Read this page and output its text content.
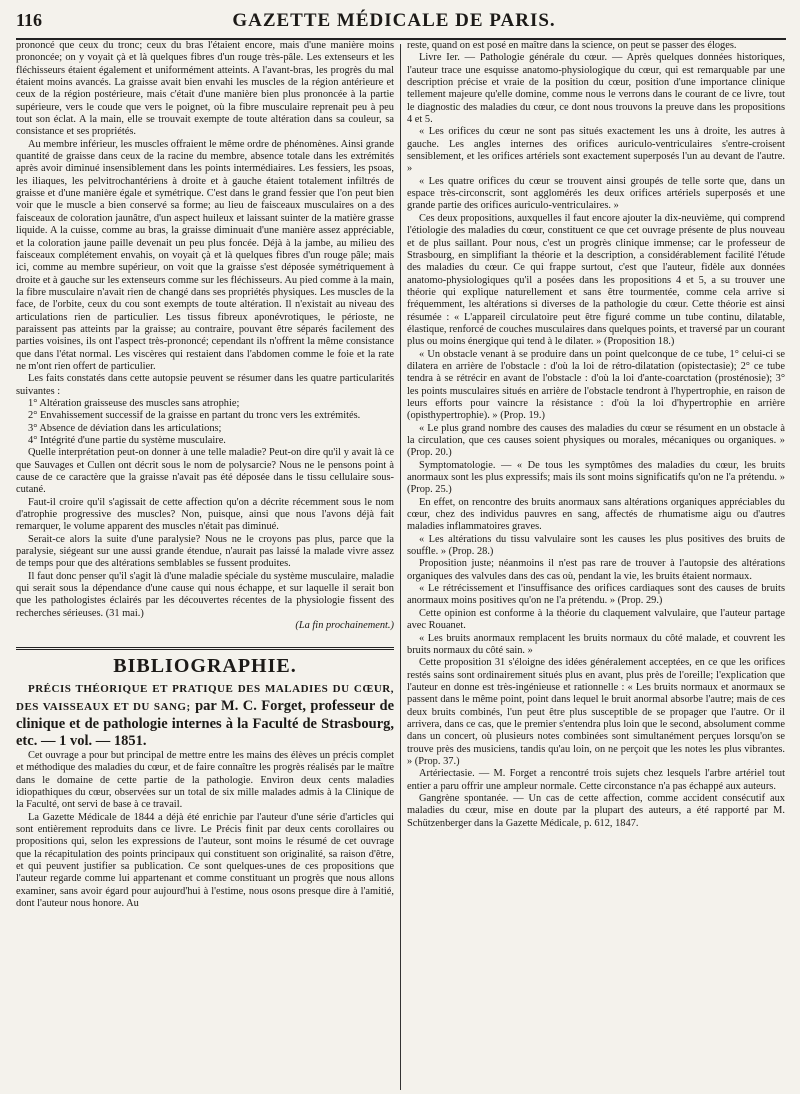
116	GAZETTE MÉDICALE DE PARIS.

prononcé que ceux du tronc; ceux du bras l'étaient encore, mais d'une manière moins prononcée; on y voyait çà et là quelques fibres d'un rouge très-pâle. Les extenseurs et les fléchisseurs étaient également et uniformément atteints. A l'avant-bras, les progrès du mal étaient moins avancés. La graisse avait bien envahi les muscles de la région antérieure et ceux de la région postérieure, mais c'était d'une manière bien plus prononcée à la partie supérieure, vers le coude que vers le poignet, où la fibre musculaire reprenait peu à peu tout son éclat. A la main, elle se trouvait exempte de toute altération dans sa couleur, sa consistance et ses propriétés.

Au membre inférieur, les muscles offraient le même ordre de phénomènes. Ainsi grande quantité de graisse dans ceux de la racine du membre, absence totale dans les extrémités après avoir diminué insensiblement dans les points intermédiaires. Les fessiers, les psoas, les iliaques, les pelvitrochantériens à droite et à gauche étaient totalement infiltrés de graisse et d'une manière égale et symétrique. C'est dans le grand fessier que l'on peut bien voir que le muscle a bien conservé sa forme; au lieu de faisceaux musculaires on a des faisceaux de coloration jaunâtre, d'un aspect huileux et laissant suinter de la matière grasse liquide. A la cuisse, comme au bras, la graisse diminuait d'une manière assez appréciable, et la coloration jaune paille devenait un peu plus foncée. Déjà à la jambe, au milieu des faisceaux complétement envahis, on voyait çà et là quelques fibres d'un rouge pâle; mais ici, comme au membre supérieur, on voit que la graisse s'est déposée symétriquement à droite et à gauche sur les extenseurs comme sur les fléchisseurs. Au pied comme à la main, la fibre musculaire n'avait rien de changé dans ses propriétés physiques. Les muscles de la face, de l'orbite, ceux du cou sont exempts de toute altération. Il n'existait au niveau des articulations rien de particulier. Les tissus fibreux aponévrotiques, le périoste, ne paraissent pas atteints par la graisse; au contraire, pouvant être séparés facilement des parties voisines, ils ont l'aspect très-prononcé; cependant ils n'offrent la même consistance que dans l'état normal. Les viscères qui restaient dans l'abdomen comme le foie et la rate ne m'ont rien offert de particulier.

Les faits constatés dans cette autopsie peuvent se résumer dans les quatre particularités suivantes :

1° Altération graisseuse des muscles sans atrophie;

2° Envahissement successif de la graisse en partant du tronc vers les extrémités.

3° Absence de déviation dans les articulations;

4° Intégrité d'une partie du système musculaire.

Quelle interprétation peut-on donner à une telle maladie? Peut-on dire qu'il y avait là ce que Sauvages et Cullen ont décrit sous le nom de polysarcie? Nous ne le pensons point à cause de ce caractère que la graisse n'avait pas été déposée dans le tissu cellulaire sous-cutané.

Faut-il croire qu'il s'agissait de cette affection qu'on a décrite récemment sous le nom d'atrophie progressive des muscles? Non, puisque, ainsi que nous l'avons déjà fait remarquer, le volume apparent des muscles n'était pas diminué.

Serait-ce alors la suite d'une paralysie? Nous ne le croyons pas plus, parce que la paralysie, siégeant sur une aussi grande étendue, n'aurait pas laissé la malade vivre assez de temps pour que des altérations semblables se fussent produites.

Il faut donc penser qu'il s'agit là d'une maladie spéciale du système musculaire, maladie qui serait sous la dépendance d'une cause qui nous échappe, et sur laquelle il serait bon que les pathologistes éclairés par les découvertes récentes de la physiologie fissent des recherches sérieuses. (31 mai.)

(La fin prochainement.)

BIBLIOGRAPHIE.

PRÉCIS THÉORIQUE ET PRATIQUE DES MALADIES DU CŒUR, DES VAISSEAUX ET DU SANG; par M. C. Forget, professeur de clinique et de pathologie internes à la Faculté de Strasbourg, etc. — 1 vol. — 1851.

Cet ouvrage a pour but principal de mettre entre les mains des élèves un précis complet et méthodique des maladies du cœur, et de faire connaître les progrès réalisés par le maître dans le domaine de cette partie de la pathologie. Environ deux cents maladies idiopathiques du cœur, observées sur un total de six mille malades admis à la Clinique de la Faculté, ont servi de base à ce travail.

La Gazette Médicale de 1844 a déjà été enrichie par l'auteur d'une série d'articles qui sont entièrement reproduits dans ce livre. Le Précis finit par deux cents corollaires ou propositions qui, selon les expressions de l'auteur, sont moins le résumé de cet ouvrage que la récapitulation des points principaux qui constituent son originalité, sa raison d'être, et qui peuvent justifier sa publication. Ce sont quelques-unes de ces propositions que l'auteur regarde comme lui appartenant et comme constituant un progrès que nous allons examiner, sans avoir égard pour aujourd'hui à l'estime, nous osons presque dire à l'amitié, dont l'auteur nous honore. Au

reste, quand on est posé en maître dans la science, on peut se passer des éloges.

Livre Ier. — Pathologie générale du cœur. — Après quelques données historiques, l'auteur trace une esquisse anatomo-physiologique du cœur, qui est remarquable par une description précise et vraie de la position du cœur, position d'une importance clinique tellement majeure qu'elle domine, comme nous le verrons dans le courant de ce livre, tout le diagnostic des maladies du cœur, ce dont nous trouvons la preuve dans les propositions 4 et 5.

« Les orifices du cœur ne sont pas situés exactement les uns à droite, les autres à gauche. Les angles internes des orifices auriculo-ventriculaires s'entre-croisent sensiblement, et les orifices artériels sont exactement superposés l'un au devant de l'autre. »

« Les quatre orifices du cœur se trouvent ainsi groupés de telle sorte que, dans un espace très-circonscrit, sont agglomérés les deux orifices artériels superposés et une grande partie des orifices auriculo-ventriculaires. »

Ces deux propositions, auxquelles il faut encore ajouter la dix-neuvième, qui comprend l'étiologie des maladies du cœur, constituent ce que cet ouvrage présente de plus nouveau et de plus saillant. Pour nous, c'est un progrès clinique immense; car le professeur de Strasbourg, en simplifiant la théorie et la description, a considérablement facilité l'étude des maladies du cœur. Ce qui frappe surtout, c'est que l'auteur, fidèle aux données anatomo-physiologiques qu'il a posées dans les propositions 4 et 5, a su trouver une théorie qui explique naturellement et sans être tourmentée, comme cela arrive si fréquemment, les altérations si diverses de la pathologie du cœur. Cette théorie est ainsi résumée : « L'appareil circulatoire peut être figuré comme un tube continu, dilatable, élastique, renforcé de couches musculaires dans quelques points, et traversé par un courant plus ou moins énergique qui tend à le dilater. » (Proposition 18.)

« Un obstacle venant à se produire dans un point quelconque de ce tube, 1° celui-ci se dilatera en arrière de l'obstacle : d'où la loi de rétro-dilatation (opistectasie); 2° ce tube tendra à se rétrécir en avant de l'obstacle : d'où la loi d'ante-coarctation (prosténosie); 3° les points musculaires situés en arrière de l'obstacle tendront à l'hypertrophie, en raison de leurs efforts pour vaincre la résistance : d'où la loi d'hypertrophie en arrière (opisthypertrophie). » (Prop. 19.)

« Le plus grand nombre des causes des maladies du cœur se résument en un obstacle à la circulation, que ces causes soient physiques ou morales, mécaniques ou organiques. » (Prop. 20.)

Symptomatologie. — « De tous les symptômes des maladies du cœur, les bruits anormaux sont les plus expressifs; mais ils sont moins significatifs qu'on ne l'a prétendu. » (Prop. 25.)

En effet, on rencontre des bruits anormaux sans altérations organiques appréciables du cœur, chez des individus pauvres en sang, affectés de rhumatisme aigu ou d'autres maladies inflammatoires graves.

« Les altérations du tissu valvulaire sont les causes les plus positives des bruits de souffle. » (Prop. 28.)

Proposition juste; néanmoins il n'est pas rare de trouver à l'autopsie des altérations organiques des valvules dans des cas où, pendant la vie, les bruits étaient normaux.

« Le rétrécissement et l'insuffisance des orifices cardiaques sont des causes de bruits anormaux moins positives qu'on ne l'a prétendu. » (Prop. 29.)

Cette opinion est conforme à la théorie du claquement valvulaire, que l'auteur partage avec Rouanet.

« Les bruits anormaux remplacent les bruits normaux du côté malade, et couvrent les bruits normaux du côté sain. »

Cette proposition 31 s'éloigne des idées généralement acceptées, en ce que les orifices restés sains sont ordinairement situés plus en avant, plus près de l'oreille; l'explication que l'auteur en donne est très-ingénieuse et rationnelle : « Les bruits normaux et anormaux se passent dans le même point, point dans lequel le bruit anormal absorbe l'autre; mais de ces deux bruits combinés, l'un peut être plus susceptible de se propager que l'autre. Or il arrivera, dans ce cas, que le premier s'entendra plus loin que le second, absolument comme dans un concert, où plusieurs notes combinées sont simultanément perçues lorsqu'on se trouve près des musiciens, tandis qu'au loin, on ne perçoit que les notes les plus vibrantes. » (Prop. 37.)

Artériectasie. — M. Forget a rencontré trois sujets chez lesquels l'arbre artériel tout entier a paru offrir une ampleur normale. Cette circonstance n'a pas échappé aux auteurs.

Gangrène spontanée. — Un cas de cette affection, comme accident consécutif aux maladies du cœur, mise en doute par la plupart des auteurs, a été rapporté par M. Schützenberger dans la Gazette Médicale, p. 612, 1847.
